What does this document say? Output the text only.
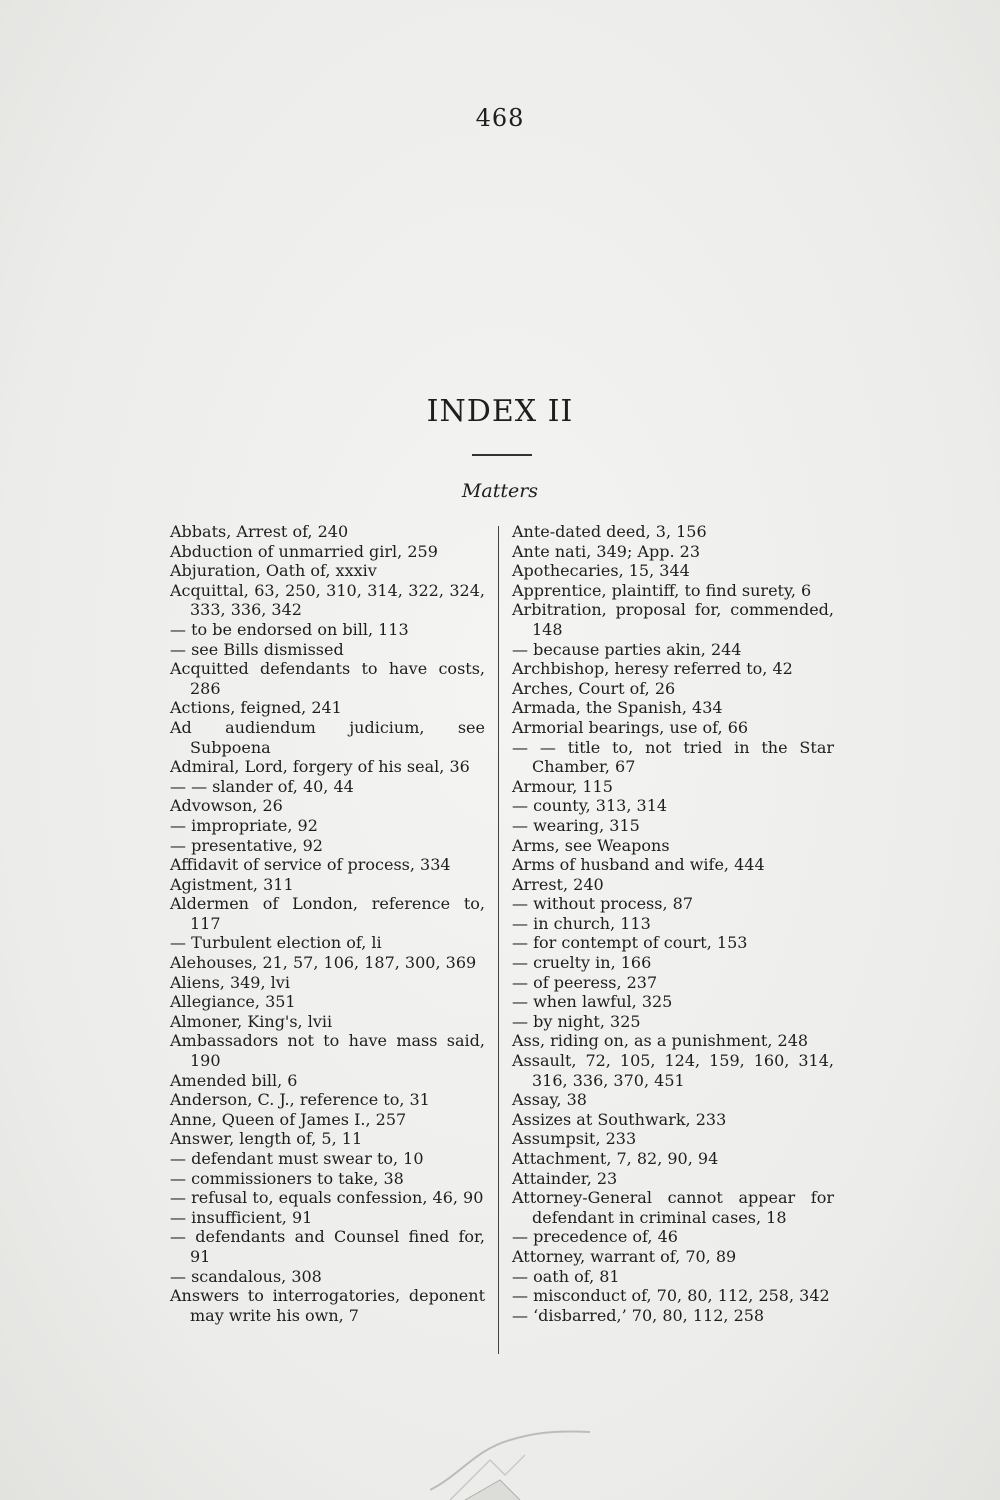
468
INDEX II
Matters
Abbats, Arrest of, 240
Abduction of unmarried girl, 259
Abjuration, Oath of, xxxiv
Acquittal, 63, 250, 310, 314, 322, 324, 333, 336, 342
— to be endorsed on bill, 113
— see Bills dismissed
Acquitted defendants to have costs, 286
Actions, feigned, 241
Ad audiendum judicium, see Subpoena
Admiral, Lord, forgery of his seal, 36
— — slander of, 40, 44
Advowson, 26
— impropriate, 92
— presentative, 92
Affidavit of service of process, 334
Agistment, 311
Aldermen of London, reference to, 117
— Turbulent election of, li
Alehouses, 21, 57, 106, 187, 300, 369
Aliens, 349, lvi
Allegiance, 351
Almoner, King's, lvii
Ambassadors not to have mass said, 190
Amended bill, 6
Anderson, C. J., reference to, 31
Anne, Queen of James I., 257
Answer, length of, 5, 11
— defendant must swear to, 10
— commissioners to take, 38
— refusal to, equals confession, 46, 90
— insufficient, 91
— defendants and Counsel fined for, 91
— scandalous, 308
Answers to interrogatories, deponent may write his own, 7
Ante-dated deed, 3, 156
Ante nati, 349; App. 23
Apothecaries, 15, 344
Apprentice, plaintiff, to find surety, 6
Arbitration, proposal for, commended, 148
— because parties akin, 244
Archbishop, heresy referred to, 42
Arches, Court of, 26
Armada, the Spanish, 434
Armorial bearings, use of, 66
— — title to, not tried in the Star Chamber, 67
Armour, 115
— county, 313, 314
— wearing, 315
Arms, see Weapons
Arms of husband and wife, 444
Arrest, 240
— without process, 87
— in church, 113
— for contempt of court, 153
— cruelty in, 166
— of peeress, 237
— when lawful, 325
— by night, 325
Ass, riding on, as a punishment, 248
Assault, 72, 105, 124, 159, 160, 314, 316, 336, 370, 451
Assay, 38
Assizes at Southwark, 233
Assumpsit, 233
Attachment, 7, 82, 90, 94
Attainder, 23
Attorney-General cannot appear for defendant in criminal cases, 18
— precedence of, 46
Attorney, warrant of, 70, 89
— oath of, 81
— misconduct of, 70, 80, 112, 258, 342
— ‘disbarred,’ 70, 80, 112, 258
